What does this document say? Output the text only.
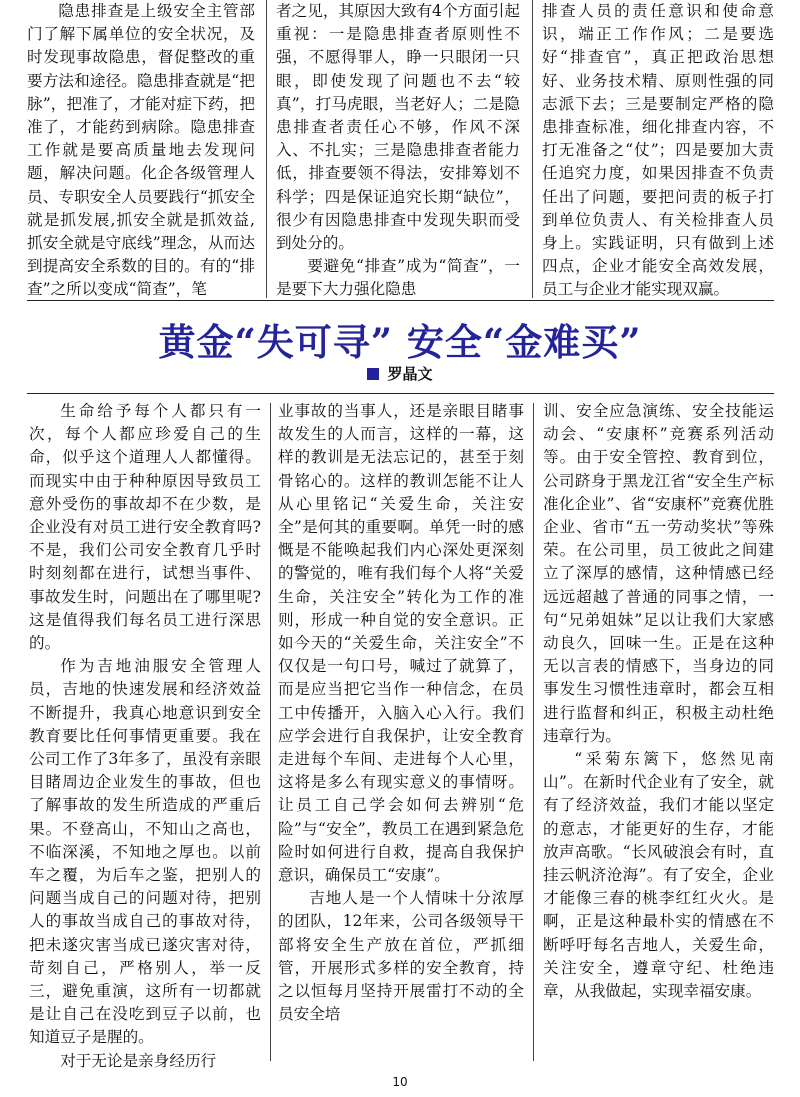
隐患排查是上级安全主管部门了解下属单位的安全状况，及时发现事故隐患，督促整改的重要方法和途径。隐患排查就是“把脉”，把准了，才能对症下药，把准了，才能药到病除。隐患排查工作就是要高质量地去发现问题，解决问题。化企各级管理人员、专职安全人员要践行“抓安全就是抓发展,抓安全就是抓效益,抓安全就是守底线”理念，从而达到提高安全系数的目的。有的“排查”之所以变成“简查”，笔

者之见，其原因大致有4个方面引起重视：一是隐患排查者原则性不强，不愿得罪人，睁一只眼闭一只眼，即使发现了问题也不去“较真”，打马虎眼，当老好人；二是隐患排查者责任心不够，作风不深入、不扎实；三是隐患排查者能力低，排查要领不得法，安排筹划不科学；四是保证追究长期“缺位”，很少有因隐患排查中发现失职而受到处分的。

要避免“排查”成为“简查”，一是要下大力强化隐患

排查人员的责任意识和使命意识，端正工作作风；二是要选好“排查官”，真正把政治思想好、业务技术精、原则性强的同志派下去；三是要制定严格的隐患排查标准，细化排查内容，不打无准备之“仗”；四是要加大责任追究力度，如果因排查不负责任出了问题，要把问责的板子打到单位负责人、有关检排查人员身上。实践证明，只有做到上述四点，企业才能安全高效发展，员工与企业才能实现双赢。

黄金“失可寻” 安全“金难买”
罗晶文

生命给予每个人都只有一次，每个人都应珍爱自己的生命，似乎这个道理人人都懂得。而现实中由于种种原因导致员工意外受伤的事故却不在少数，是企业没有对员工进行安全教育吗?不是，我们公司安全教育几乎时时刻刻都在进行，试想当事件、事故发生时，问题出在了哪里呢?这是值得我们每名员工进行深思的。

作为吉地油服安全管理人员，吉地的快速发展和经济效益不断提升，我真心地意识到安全教育要比任何事情更重要。我在公司工作了3年多了，虽没有亲眼目睹周边企业发生的事故，但也了解事故的发生所造成的严重后果。不登高山，不知山之高也，不临深溪，不知地之厚也。以前车之覆，为后车之鉴，把别人的问题当成自己的问题对待，把别人的事故当成自己的事故对待，把未遂灾害当成已遂灾害对待，苛刻自己，严格别人，举一反三，避免重演，这所有一切都就是让自己在没吃到豆子以前，也知道豆子是腥的。

对于无论是亲身经历行

业事故的当事人，还是亲眼目睹事故发生的人而言，这样的一幕，这样的教训是无法忘记的，甚至于刻骨铭心的。这样的教训怎能不让人从心里铭记“关爱生命，关注安全”是何其的重要啊。单凭一时的感慨是不能唤起我们内心深处更深刻的警觉的，唯有我们每个人将“关爱生命，关注安全”转化为工作的准则，形成一种自觉的安全意识。正如今天的“关爱生命，关注安全”不仅仅是一句口号，喊过了就算了，而是应当把它当作一种信念，在员工中传播开，入脑入心入行。我们应学会进行自我保护，让安全教育走进每个车间、走进每个人心里，这将是多么有现实意义的事情呀。让员工自己学会如何去辨别“危险”与“安全”，教员工在遇到紧急危险时如何进行自救，提高自我保护意识，确保员工“安康”。

吉地人是一个人情味十分浓厚的团队，12年来，公司各级领导干部将安全生产放在首位，严抓细管，开展形式多样的安全教育，持之以恒每月坚持开展雷打不动的全员安全培

训、安全应急演练、安全技能运动会、“安康杯”竞赛系列活动等。由于安全管控、教育到位，公司跻身于黑龙江省“安全生产标准化企业”、省“安康杯”竞赛优胜企业、省市“五一劳动奖状”等殊荣。在公司里，员工彼此之间建立了深厚的感情，这种情感已经远远超越了普通的同事之情，一句“兄弟姐妹”足以让我们大家感动良久，回味一生。正是在这种无以言表的情感下，当身边的同事发生习惯性违章时，都会互相进行监督和纠正，积极主动杜绝违章行为。

“采菊东篱下，悠然见南山”。在新时代企业有了安全，就有了经济效益，我们才能以坚定的意志，才能更好的生存，才能放声高歌。“长风破浪会有时，直挂云帆济沧海”。有了安全，企业才能像三春的桃李红红火火。是啊，正是这种最朴实的情感在不断呼吁每名吉地人，关爱生命，关注安全，遵章守纪、杜绝违章，从我做起，实现幸福安康。

10
